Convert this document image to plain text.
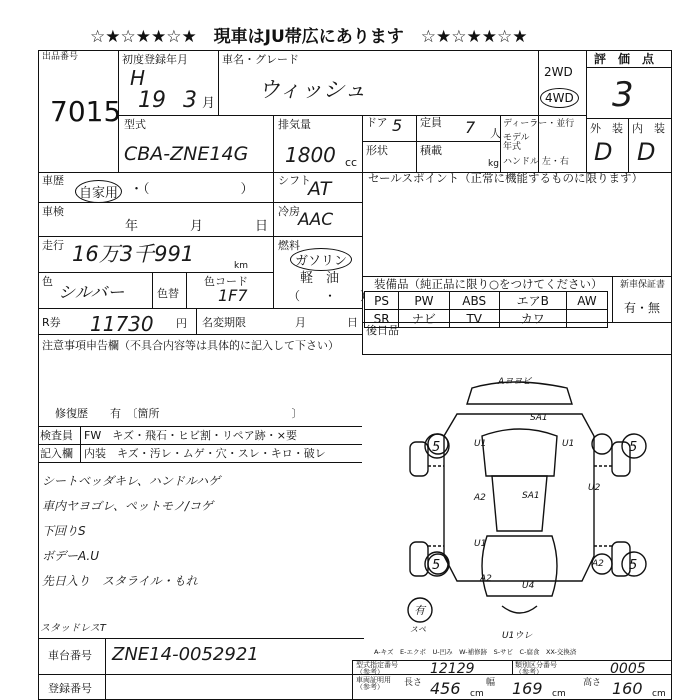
☆★☆★★☆★　現車はJU帯広にあります　☆★☆★★☆★
出品番号
7015
初度登録年月
H
19 3 月
車名・グレード
ウィッシュ
2WD
4WD
評　価　点
3
外　装 内　装
D D
型式
CBA-ZNE14G
排気量
1800 cc
ドア 5 定員 7 人
ディーラー・並行
モデル
年式
形状	積載
kg ハンドル 左・右
車歴
自家用 ・（　　　　　　　）
シフト
AT	セールスポイント（正常に機能するものに限ります）
車検
年	月	日
冷房
AAC
走行 16万3千991	km
燃料
ガソリン
軽　油
（　　・　　）
色
シルバー	色替
色コード
1F7
装備品（純正品に限り○をつけてください）
PS	PW	ABS	エアB	AW
SR	ナビ	TV	カワ	
新車保証書
有・無
後日品
R券 11730 円 名変期限	月	日
注意事項申告欄（不具合内容等は具体的に記入して下さい）
修復歴　　有　〔箇所　　　　　　　　　　　　〕
検査員 FW　キズ・飛石・ヒビ割・リペア跡・×要
記入欄 内装　キズ・汚レ・ムゲ・穴・スレ・キロ・破レ
シートベッダキレ、ハンドルハゲ
車内ヤヨゴレ、ペットモノ/コゲ
下回りS
ボデーA.U
先日入り　スタライル・もれ
スタッドレスT
Aヨヨビ
U1ウレ
5	5
5	5
有
スペ
SA1
U1	U1
A2	SA1
U2
U1
A2
A2
U4
A-キズ　E-エクボ　U-凹み　W-補修跡　S-サビ　C-腐食　XX-交換済
車台番号 ZNE14-0052921
登録番号
型式指定番号
（参考）	12129	類別区分番号
（参考）	0005
車両証明用
（参考）	長さ 456 cm
幅 169 cm
高さ 160 cm
